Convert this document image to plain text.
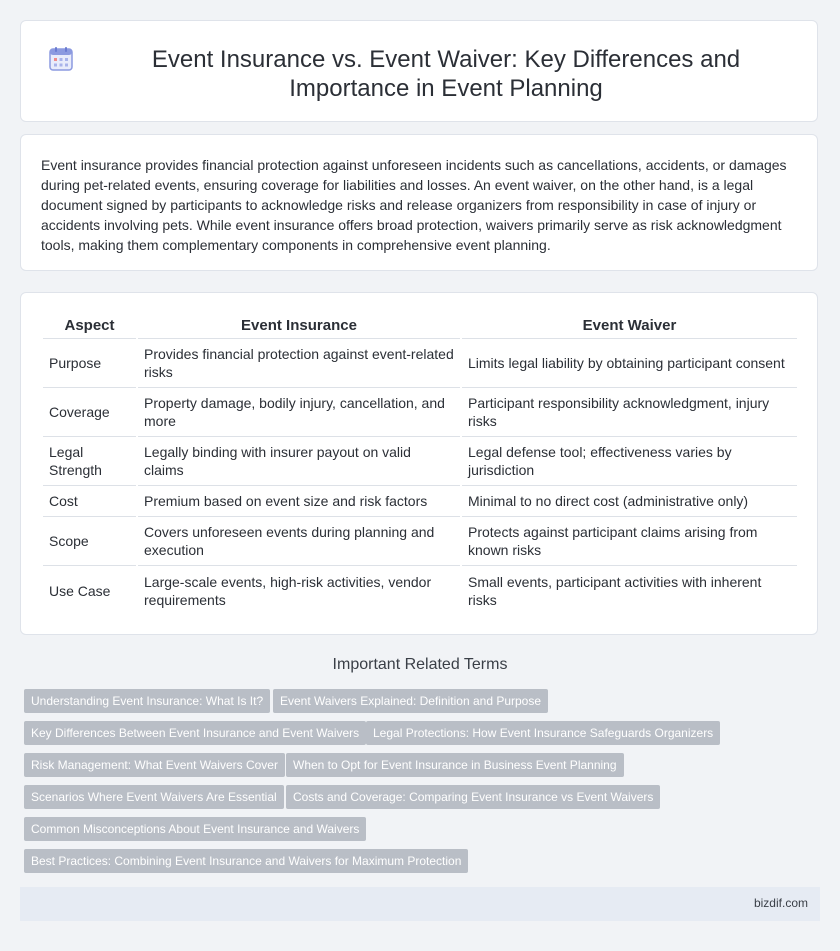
Event Insurance vs. Event Waiver: Key Differences and Importance in Event Planning

Event insurance provides financial protection against unforeseen incidents such as cancellations, accidents, or damages during pet-related events, ensuring coverage for liabilities and losses. An event waiver, on the other hand, is a legal document signed by participants to acknowledge risks and release organizers from responsibility in case of injury or accidents involving pets. While event insurance offers broad protection, waivers primarily serve as risk acknowledgment tools, making them complementary components in comprehensive event planning.

Aspect	Event Insurance	Event Waiver
Purpose	Provides financial protection against event-related risks	Limits legal liability by obtaining participant consent
Coverage	Property damage, bodily injury, cancellation, and more	Participant responsibility acknowledgment, injury risks
Legal Strength	Legally binding with insurer payout on valid claims	Legal defense tool; effectiveness varies by jurisdiction
Cost	Premium based on event size and risk factors	Minimal to no direct cost (administrative only)
Scope	Covers unforeseen events during planning and execution	Protects against participant claims arising from known risks
Use Case	Large-scale events, high-risk activities, vendor requirements	Small events, participant activities with inherent risks
Important Related Terms
Understanding Event Insurance: What Is It?	Event Waivers Explained: Definition and Purpose
Key Differences Between Event Insurance and Event Waivers	Legal Protections: How Event Insurance Safeguards Organizers
Risk Management: What Event Waivers Cover	When to Opt for Event Insurance in Business Event Planning
Scenarios Where Event Waivers Are Essential	Costs and Coverage: Comparing Event Insurance vs Event Waivers
Common Misconceptions About Event Insurance and Waivers
Best Practices: Combining Event Insurance and Waivers for Maximum Protection
bizdif.com
